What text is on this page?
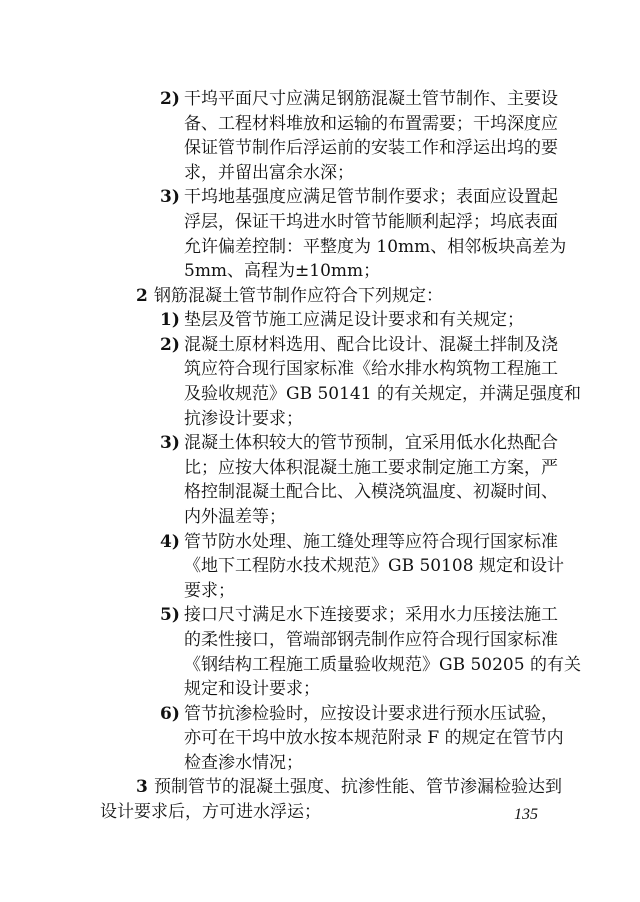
2) 干坞平面尺寸应满足钢筋混凝土管节制作、主要设
备、工程材料堆放和运输的布置需要；干坞深度应
保证管节制作后浮运前的安装工作和浮运出坞的要
求，并留出富余水深；
3) 干坞地基强度应满足管节制作要求；表面应设置起
浮层，保证干坞进水时管节能顺利起浮；坞底表面
允许偏差控制：平整度为 10mm、相邻板块高差为
5mm、高程为±10mm；
2 钢筋混凝土管节制作应符合下列规定：
1) 垫层及管节施工应满足设计要求和有关规定；
2) 混凝土原材料选用、配合比设计、混凝土拌制及浇
筑应符合现行国家标准《给水排水构筑物工程施工
及验收规范》GB 50141 的有关规定，并满足强度和
抗渗设计要求；
3) 混凝土体积较大的管节预制，宜采用低水化热配合
比；应按大体积混凝土施工要求制定施工方案，严
格控制混凝土配合比、入模浇筑温度、初凝时间、
内外温差等；
4) 管节防水处理、施工缝处理等应符合现行国家标准
《地下工程防水技术规范》GB 50108 规定和设计
要求；
5) 接口尺寸满足水下连接要求；采用水力压接法施工
的柔性接口，管端部钢壳制作应符合现行国家标准
《钢结构工程施工质量验收规范》GB 50205 的有关
规定和设计要求；
6) 管节抗渗检验时，应按设计要求进行预水压试验，
亦可在干坞中放水按本规范附录 F 的规定在管节内
检查渗水情况；
3 预制管节的混凝土强度、抗渗性能、管节渗漏检验达到
设计要求后，方可进水浮运；	135
